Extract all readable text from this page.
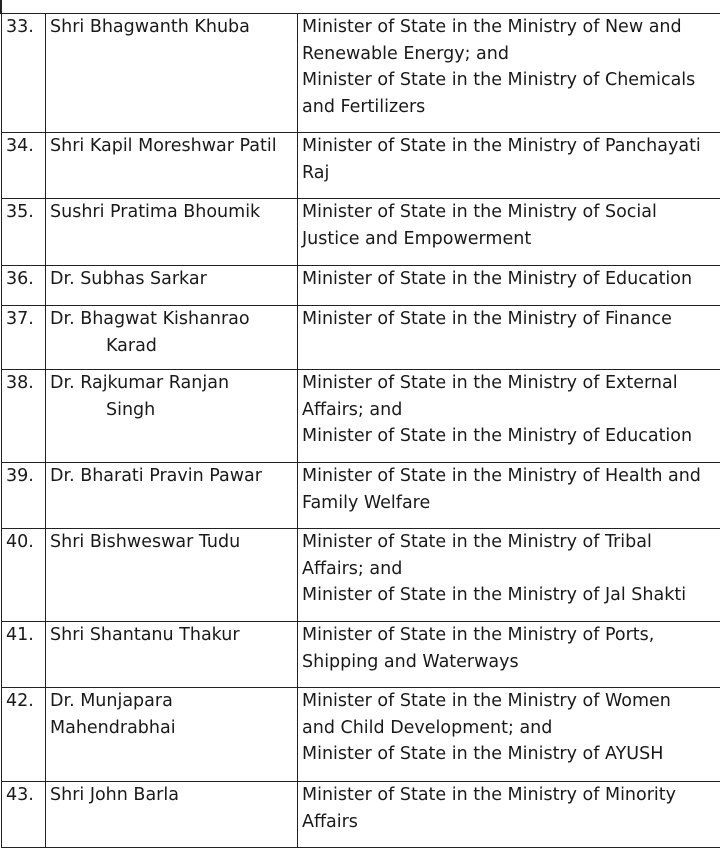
33.	Shri Bhagwanth Khuba	Minister of State in the Ministry of New and
Renewable Energy; and
Minister of State in the Ministry of Chemicals
and Fertilizers

34.	Shri Kapil Moreshwar Patil	Minister of State in the Ministry of Panchayati
Raj

35.	Sushri Pratima Bhoumik	Minister of State in the Ministry of Social
Justice and Empowerment

36.	Dr. Subhas Sarkar	Minister of State in the Ministry of Education

37.	Dr. Bhagwat Kishanrao
Karad	Minister of State in the Ministry of Finance

38.	Dr. Rajkumar Ranjan
Singh	Minister of State in the Ministry of External
Affairs; and
Minister of State in the Ministry of Education

39.	Dr. Bharati Pravin Pawar	Minister of State in the Ministry of Health and
Family Welfare

40.	Shri Bishweswar Tudu	Minister of State in the Ministry of Tribal
Affairs; and
Minister of State in the Ministry of Jal Shakti

41.	Shri Shantanu Thakur	Minister of State in the Ministry of Ports,
Shipping and Waterways

42.	Dr. Munjapara
Mahendrabhai	Minister of State in the Ministry of Women
and Child Development; and
Minister of State in the Ministry of AYUSH

43.	Shri John Barla	Minister of State in the Ministry of Minority
Affairs
